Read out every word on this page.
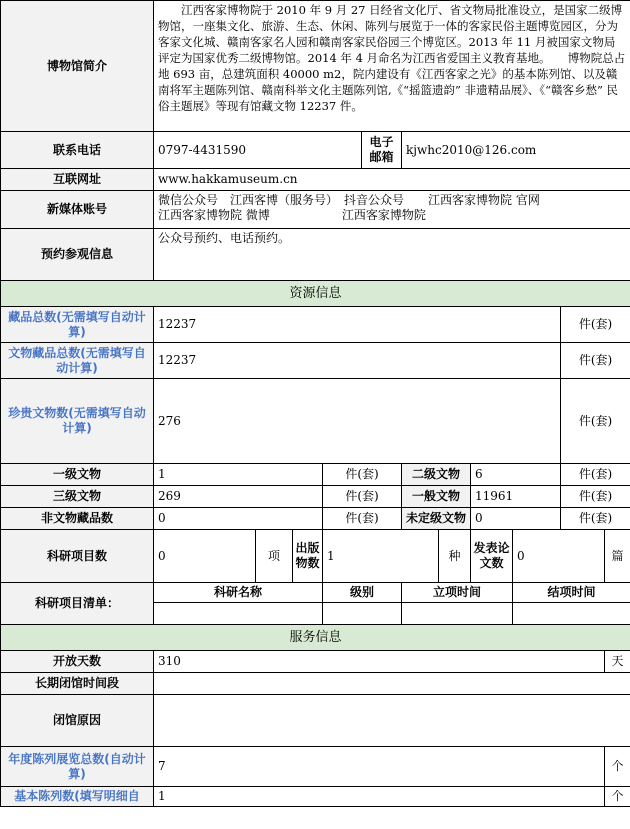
博物馆简介	江西客家博物院于 2010 年 9 月 27 日经省文化厅、省文物局批准设立，是国家二级博物馆，一座集文化、旅游、生态、休闲、陈列与展览于一体的客家民俗主题博览园区，分为客家文化城、赣南客家名人园和赣南客家民俗园三个博览区。2013 年 11 月被国家文物局评定为国家优秀二级博物馆。2014 年 4 月命名为江西省爱国主义教育基地。　　博物院总占地 693 亩，总建筑面积 40000 m2，院内建设有《江西客家之光》的基本陈列馆、以及赣南将军主题陈列馆、赣南科举文化主题陈列馆,《“摇篮遗韵” 非遗精品展》、《“赣客乡愁” 民俗主题展》等现有馆藏文物 12237 件。										
联系电话	0797-4431590				电子邮箱	kjwhc2010@126.com					
互联网址	www.hakkamuseum.cn										
新媒体账号	微信公众号　江西客博（服务号）　抖音公众号　　江西客家博物院 官网
江西客家博物院 微博　　　　　　江西客家博物院										

预约参观信息	公众号预约、电话预约。										
资源信息											
藏品总数(无需填写自动计算)	12237									件(套)	
文物藏品总数(无需填写自动计算)	12237									件(套)	
珍贵文物数(无需填写自动计算)	276									件(套)	
一级文物	1			件(套)		二级文物		6		件(套)	
三级文物	269			件(套)		一般文物		11961		件(套)	
非文物藏品数	0			件(套)		未定级文物		0		件(套)	
科研项目数	0	项	出版物数	1			种	发表论文数	0		篇
科研项目清单：	科研名称			级别		立项时间			结项时间		

服务信息											
开放天数	310										天
长期闭馆时间段											
闭馆原因											
年度陈列展览总数(自动计算)	7										个
基本陈列数(填写明细自	1										个
